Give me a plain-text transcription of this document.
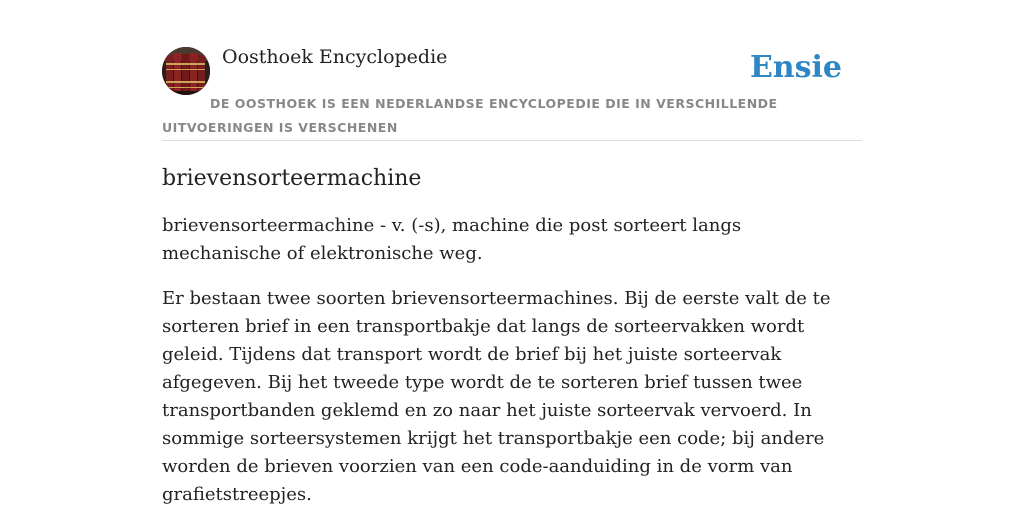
Oosthoek Encyclopedie	Ensie
DE OOSTHOEK IS EEN NEDERLANDSE ENCYCLOPEDIE DIE IN VERSCHILLENDE UITVOERINGEN IS VERSCHENEN
brievensorteermachine

brievensorteermachine - v. (-s), machine die post sorteert langs mechanische of elektronische weg.

Er bestaan twee soorten brievensorteermachines. Bij de eerste valt de te sorteren brief in een transportbakje dat langs de sorteervakken wordt geleid. Tijdens dat transport wordt de brief bij het juiste sorteervak afgegeven. Bij het tweede type wordt de te sorteren brief tussen twee transportbanden geklemd en zo naar het juiste sorteervak vervoerd. In sommige sorteersystemen krijgt het transportbakje een code; bij andere worden de brieven voorzien van een code-aanduiding in de vorm van grafietstreepjes.
